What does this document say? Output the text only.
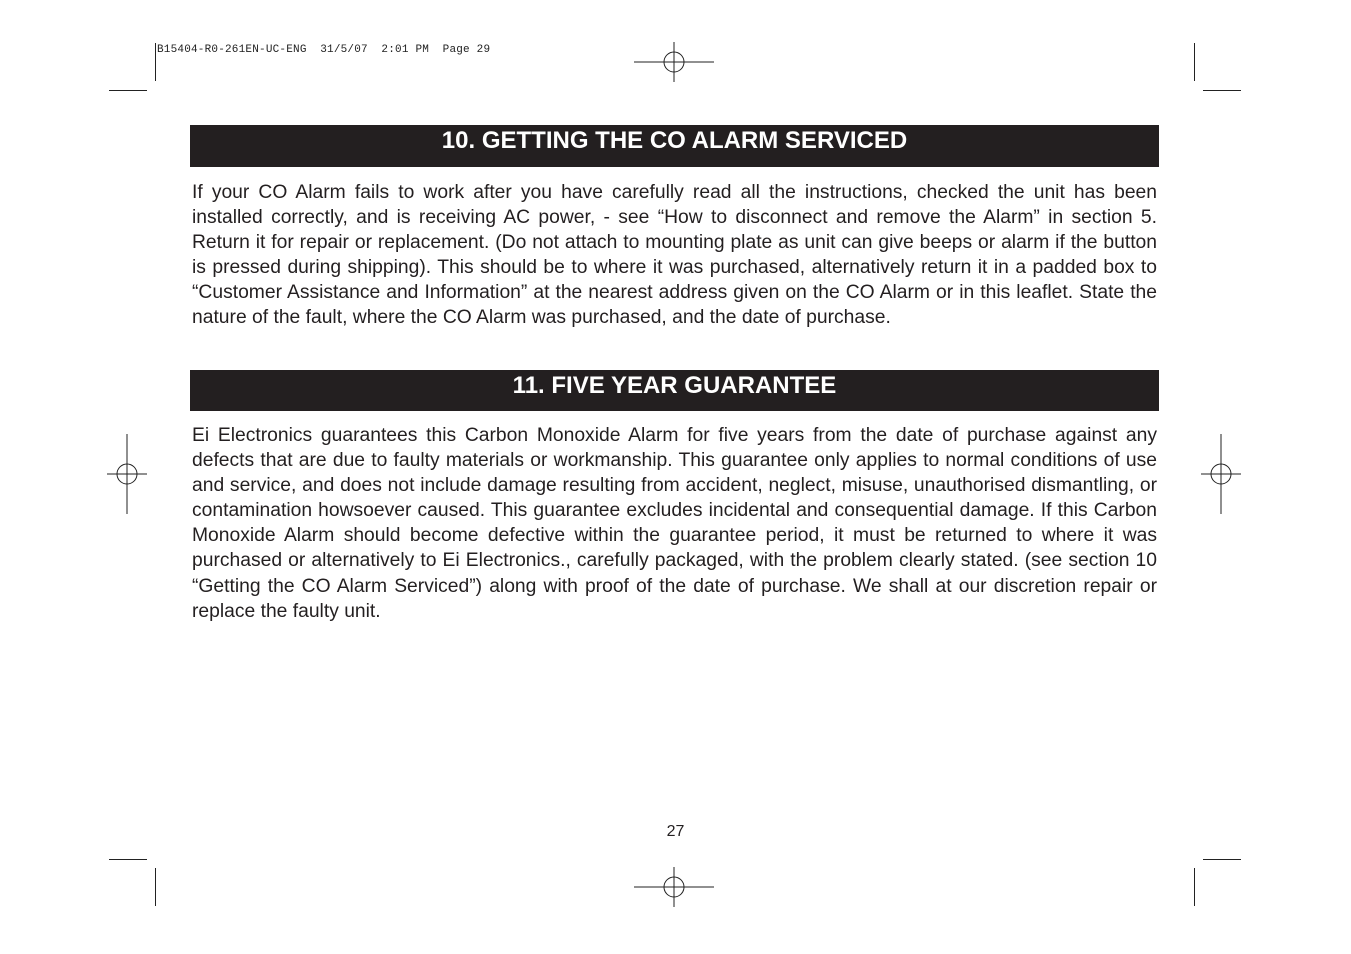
B15404-R0-261EN-UC-ENG  31/5/07  2:01 PM  Page 29
10. GETTING THE CO ALARM SERVICED

If your CO Alarm fails to work after you have carefully read all the instructions, checked the unit has been installed correctly, and is receiving AC power, - see “How to disconnect and remove the Alarm” in section 5. Return it for repair or replacement. (Do not attach to mounting plate as unit can give beeps or alarm if the button is pressed during shipping). This should be to where it was purchased, alternatively return it in a padded box to “Customer Assistance and Information” at the nearest address given on the CO Alarm or in this leaflet. State the nature of the fault, where the CO Alarm was purchased, and the date of purchase.

11. FIVE YEAR GUARANTEE

Ei Electronics guarantees this Carbon Monoxide Alarm for five years from the date of purchase against any defects that are due to faulty materials or workmanship. This guarantee only applies to normal conditions of use and service, and does not include damage resulting from accident, neglect, misuse, unauthorised dismantling, or contamination howsoever caused. This guarantee excludes incidental and consequential damage. If this Carbon Monoxide Alarm should become defective within the guarantee period, it must be returned to where it was purchased or alternatively to Ei Electronics., carefully packaged, with the problem clearly stated. (see section 10 “Getting the CO Alarm Serviced”) along with proof of the date of purchase. We shall at our discretion repair or replace the faulty unit.

27
